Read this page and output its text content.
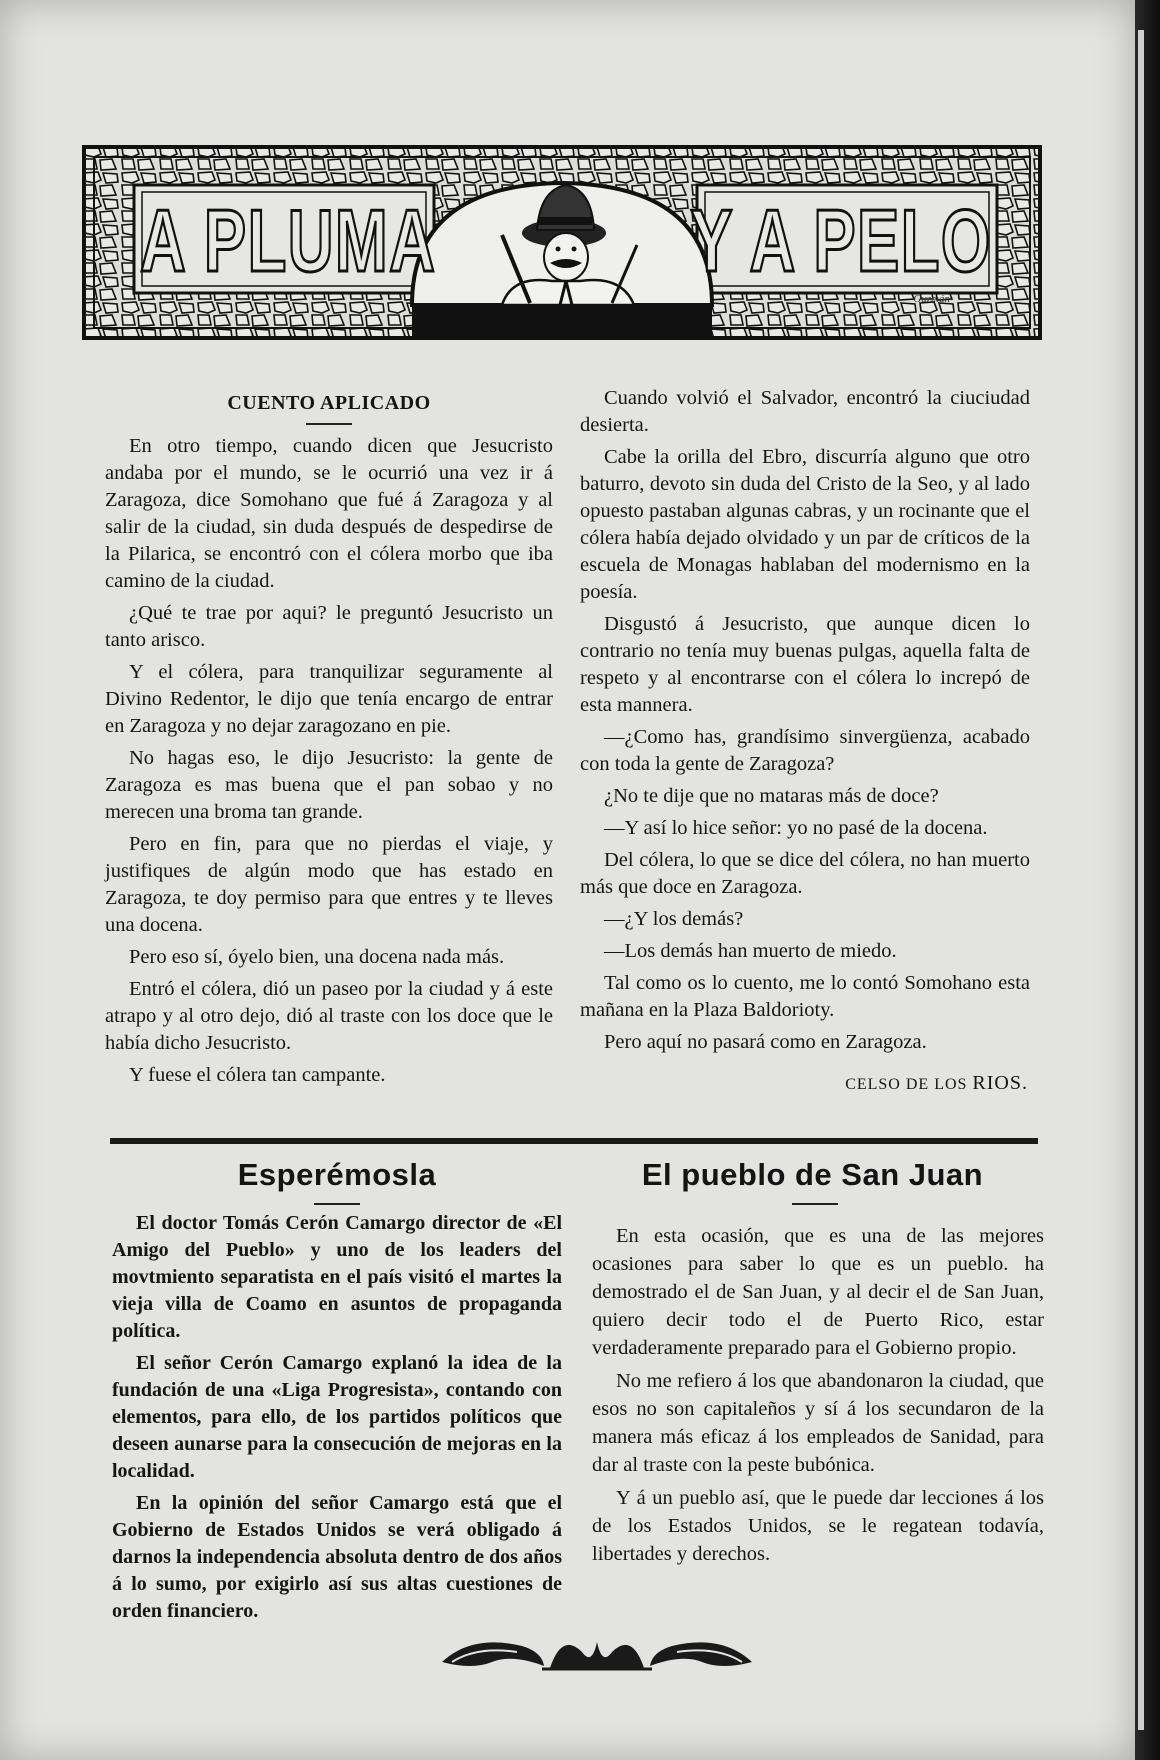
A PLUMA	Y A PELO
Guzmán
CUENTO APLICADO

En otro tiempo, cuando dicen que Jesucristo andaba por el mundo, se le ocurrió una vez ir á Zaragoza, dice Somohano que fué á Zaragoza y al salir de la ciudad, sin duda después de despedirse de la Pilarica, se encontró con el cólera morbo que iba camino de la ciudad.

¿Qué te trae por aqui? le preguntó Jesucristo un tanto arisco.

Y el cólera, para tranquilizar seguramente al Divino Redentor, le dijo que tenía encargo de entrar en Zaragoza y no dejar zaragozano en pie.

No hagas eso, le dijo Jesucristo: la gente de Zaragoza es mas buena que el pan sobao y no merecen una broma tan grande.

Pero en fin, para que no pierdas el viaje, y justifiques de algún modo que has estado en Zaragoza, te doy permiso para que entres y te lleves una docena.

Pero eso sí, óyelo bien, una docena nada más.

Entró el cólera, dió un paseo por la ciudad y á este atrapo y al otro dejo, dió al traste con los doce que le había dicho Jesucristo.

Y fuese el cólera tan campante.

Cuando volvió el Salvador, encontró la ciuciudad desierta.

Cabe la orilla del Ebro, discurría alguno que otro baturro, devoto sin duda del Cristo de la Seo, y al lado opuesto pastaban algunas cabras, y un rocinante que el cólera había dejado olvidado y un par de críticos de la escuela de Monagas hablaban del modernismo en la poesía.

Disgustó á Jesucristo, que aunque dicen lo contrario no tenía muy buenas pulgas, aquella falta de respeto y al encontrarse con el cólera lo increpó de esta mannera.

—¿Como has, grandísimo sinvergüenza, acabado con toda la gente de Zaragoza?

¿No te dije que no mataras más de doce?

—Y así lo hice señor: yo no pasé de la docena.

Del cólera, lo que se dice del cólera, no han muerto más que doce en Zaragoza.

—¿Y los demás?

—Los demás han muerto de miedo.

Tal como os lo cuento, me lo contó Somohano esta mañana en la Plaza Baldorioty.

Pero aquí no pasará como en Zaragoza.

CELSO DE LOS RIOS.
Esperémosla

El doctor Tomás Cerón Camargo director de «El Amigo del Pueblo» y uno de los leaders del movtmiento separatista en el país visitó el martes la vieja villa de Coamo en asuntos de propaganda política.

El señor Cerón Camargo explanó la idea de la fundación de una «Liga Progresista», contando con elementos, para ello, de los partidos políticos que deseen aunarse para la consecución de mejoras en la localidad.

En la opinión del señor Camargo está que el Gobierno de Estados Unidos se verá obligado á darnos la independencia absoluta dentro de dos años á lo sumo, por exigirlo así sus altas cuestiones de orden financiero.

El pueblo de San Juan

En esta ocasión, que es una de las mejores ocasiones para saber lo que es un pueblo. ha demostrado el de San Juan, y al decir el de San Juan, quiero decir todo el de Puerto Rico, estar verdaderamente preparado para el Gobierno propio.

No me refiero á los que abandonaron la ciudad, que esos no son capitaleños y sí á los secundaron de la manera más eficaz á los empleados de Sanidad, para dar al traste con la peste bubónica.

Y á un pueblo así, que le puede dar lecciones á los de los Estados Unidos, se le regatean todavía, libertades y derechos.
